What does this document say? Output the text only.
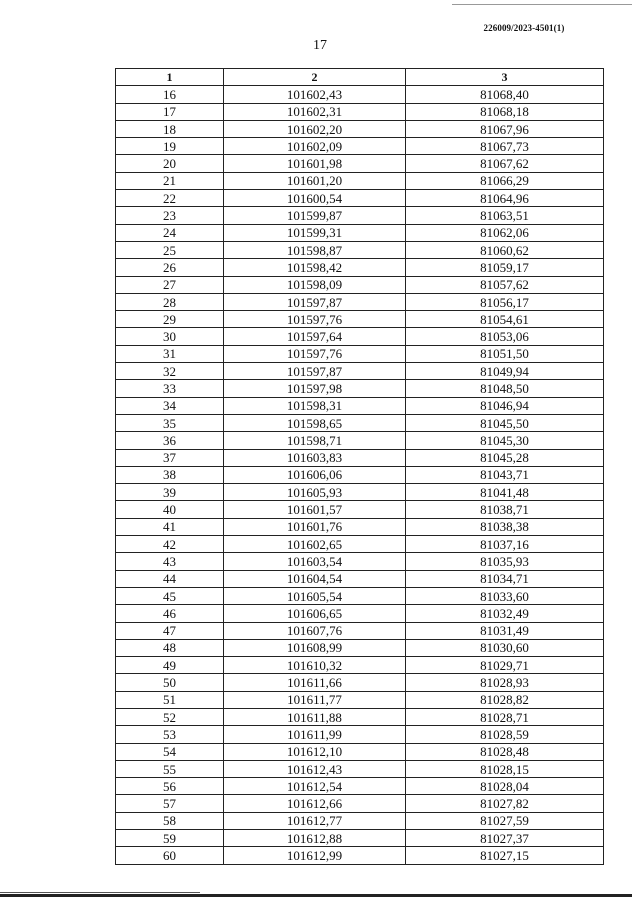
226009/2023-4501(1)
17
1	2	3
16	101602,43	81068,40
17	101602,31	81068,18
18	101602,20	81067,96
19	101602,09	81067,73
20	101601,98	81067,62
21	101601,20	81066,29
22	101600,54	81064,96
23	101599,87	81063,51
24	101599,31	81062,06
25	101598,87	81060,62
26	101598,42	81059,17
27	101598,09	81057,62
28	101597,87	81056,17
29	101597,76	81054,61
30	101597,64	81053,06
31	101597,76	81051,50
32	101597,87	81049,94
33	101597,98	81048,50
34	101598,31	81046,94
35	101598,65	81045,50
36	101598,71	81045,30
37	101603,83	81045,28
38	101606,06	81043,71
39	101605,93	81041,48
40	101601,57	81038,71
41	101601,76	81038,38
42	101602,65	81037,16
43	101603,54	81035,93
44	101604,54	81034,71
45	101605,54	81033,60
46	101606,65	81032,49
47	101607,76	81031,49
48	101608,99	81030,60
49	101610,32	81029,71
50	101611,66	81028,93
51	101611,77	81028,82
52	101611,88	81028,71
53	101611,99	81028,59
54	101612,10	81028,48
55	101612,43	81028,15
56	101612,54	81028,04
57	101612,66	81027,82
58	101612,77	81027,59
59	101612,88	81027,37
60	101612,99	81027,15
